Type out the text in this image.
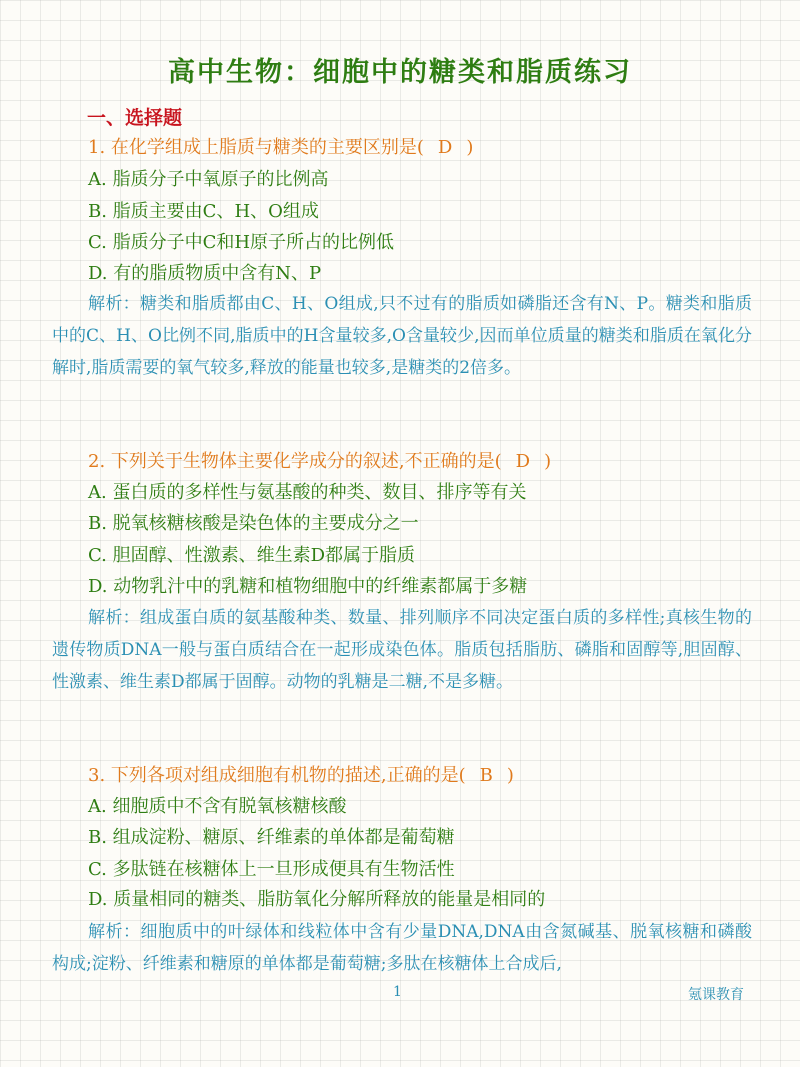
高中生物：细胞中的糖类和脂质练习
一、选择题
1. 在化学组成上脂质与糖类的主要区别是( D )
A. 脂质分子中氧原子的比例高
B. 脂质主要由C、H、O组成
C. 脂质分子中C和H原子所占的比例低
D. 有的脂质物质中含有N、P
解析：糖类和脂质都由C、H、O组成,只不过有的脂质如磷脂还含有N、P。糖类和脂质中的C、H、O比例不同,脂质中的H含量较多,O含量较少,因而单位质量的糖类和脂质在氧化分解时,脂质需要的氧气较多,释放的能量也较多,是糖类的2倍多。
2. 下列关于生物体主要化学成分的叙述,不正确的是( D )
A. 蛋白质的多样性与氨基酸的种类、数目、排序等有关
B. 脱氧核糖核酸是染色体的主要成分之一
C. 胆固醇、性激素、维生素D都属于脂质
D. 动物乳汁中的乳糖和植物细胞中的纤维素都属于多糖
解析：组成蛋白质的氨基酸种类、数量、排列顺序不同决定蛋白质的多样性;真核生物的遗传物质DNA一般与蛋白质结合在一起形成染色体。脂质包括脂肪、磷脂和固醇等,胆固醇、性激素、维生素D都属于固醇。动物的乳糖是二糖,不是多糖。
3. 下列各项对组成细胞有机物的描述,正确的是( B )
A. 细胞质中不含有脱氧核糖核酸
B. 组成淀粉、糖原、纤维素的单体都是葡萄糖
C. 多肽链在核糖体上一旦形成便具有生物活性
D. 质量相同的糖类、脂肪氧化分解所释放的能量是相同的
解析：细胞质中的叶绿体和线粒体中含有少量DNA,DNA由含氮碱基、脱氧核糖和磷酸构成;淀粉、纤维素和糖原的单体都是葡萄糖;多肽在核糖体上合成后,
1	氪课教育
